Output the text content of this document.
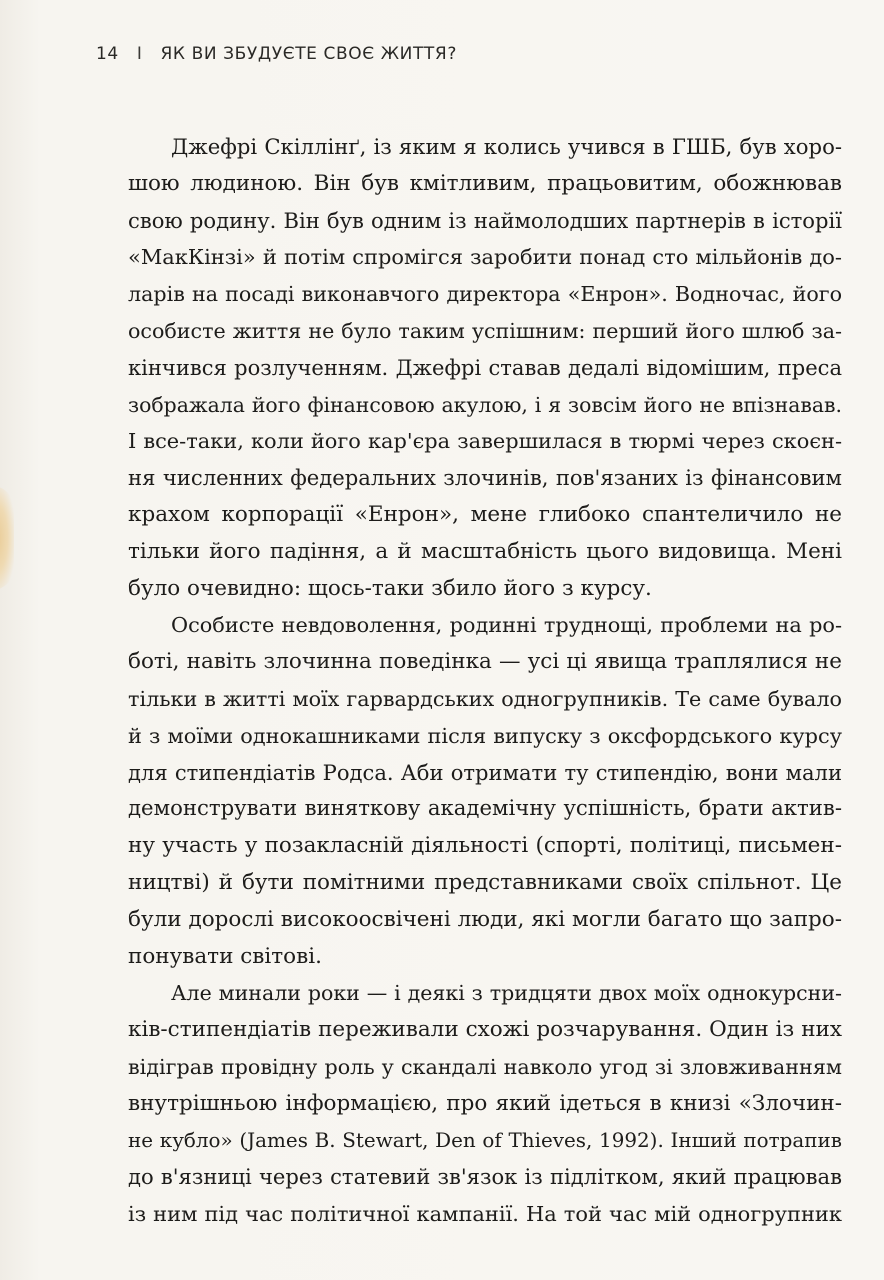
14 I ЯК ВИ ЗБУДУЄТЕ СВОЄ ЖИТТЯ?
Джефрі Скіллінґ, із яким я колись учився в ГШБ, був хоро-
шою людиною. Він був кмітливим, працьовитим, обожнював
свою родину. Він був одним із наймолодших партнерів в історії
«МакКінзі» й потім спромігся заробити понад сто мільйонів до-
ларів на посаді виконавчого директора «Енрон». Водночас, його
особисте життя не було таким успішним: перший його шлюб за-
кінчився розлученням. Джефрі ставав дедалі відомішим, преса
зображала його фінансовою акулою, і я зовсім його не впізнавав.
І все-таки, коли його кар'єра завершилася в тюрмі через скоєн-
ня численних федеральних злочинів, пов'язаних із фінансовим
крахом корпорації «Енрон», мене глибоко спантеличило не
тільки його падіння, а й масштабність цього видовища. Мені
було очевидно: щось-таки збило його з курсу.
Особисте невдоволення, родинні труднощі, проблеми на ро-
боті, навіть злочинна поведінка — усі ці явища траплялися не
тільки в житті моїх гарвардських одногрупників. Те саме бувало
й з моїми однокашниками після випуску з оксфордського курсу
для стипендіатів Родса. Аби отримати ту стипендію, вони мали
демонструвати виняткову академічну успішність, брати актив-
ну участь у позакласній діяльності (спорті, політиці, письмен-
ництві) й бути помітними представниками своїх спільнот. Це
були дорослі високоосвічені люди, які могли багато що запро-
понувати світові.
Але минали роки — і деякі з тридцяти двох моїх однокурсни-
ків-стипендіатів переживали схожі розчарування. Один із них
відіграв провідну роль у скандалі навколо угод зі зловживанням
внутрішньою інформацією, про який ідеться в книзі «Злочин-
не кубло» (James B. Stewart, Den of Thieves, 1992). Інший потрапив
до в'язниці через статевий зв'язок із підлітком, який працював
із ним під час політичної кампанії. На той час мій одногрупник
